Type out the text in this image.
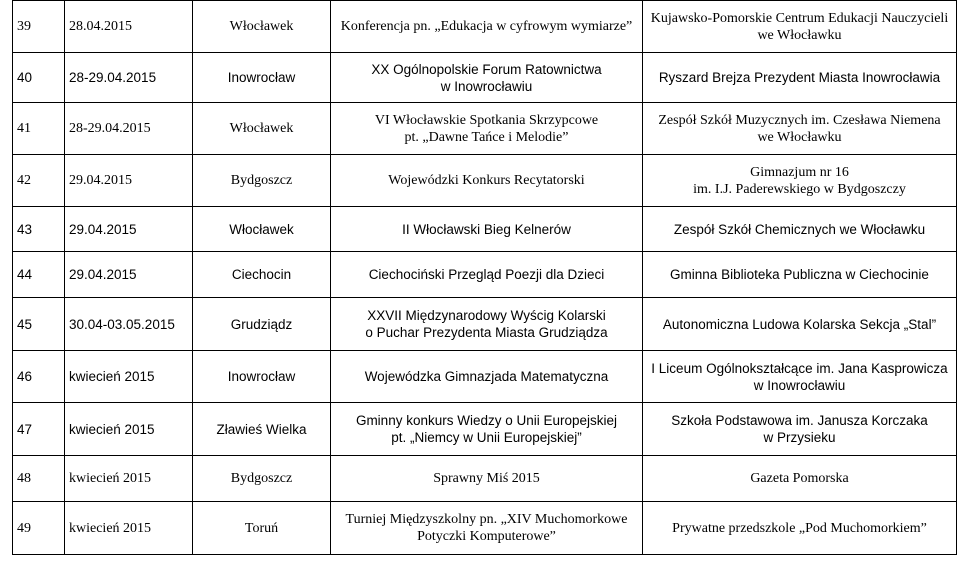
39	28.04.2015	Włocławek	Konferencja pn. „Edukacja w cyfrowym wymiarze”	Kujawsko-Pomorskie Centrum Edukacji Nauczycieli
we Włocławku

40	28-29.04.2015	Inowrocław	XX Ogólnopolskie Forum Ratownictwa
w Inowrocławiu	Ryszard Brejza Prezydent Miasta Inowrocławia

41	28-29.04.2015	Włocławek	VI Włocławskie Spotkania Skrzypcowe
pt. „Dawne Tańce i Melodie”	Zespół Szkół Muzycznych im. Czesława Niemena
we Włocławku

42	29.04.2015	Bydgoszcz	Wojewódzki Konkurs Recytatorski	Gimnazjum nr 16
im. I.J. Paderewskiego w Bydgoszczy

43	29.04.2015	Włocławek	II Włocławski Bieg Kelnerów	Zespół Szkół Chemicznych we Włocławku

44	29.04.2015	Ciechocin	Ciechociński Przegląd Poezji dla Dzieci	Gminna Biblioteka Publiczna w Ciechocinie

45	30.04-03.05.2015	Grudziądz	XXVII Międzynarodowy Wyścig Kolarski
o Puchar Prezydenta Miasta Grudziądza	Autonomiczna Ludowa Kolarska Sekcja „Stal”

46	kwiecień 2015	Inowrocław	Wojewódzka Gimnazjada Matematyczna	I Liceum Ogólnokształcące im. Jana Kasprowicza
w Inowrocławiu

47	kwiecień 2015	Zławieś Wielka	Gminny konkurs Wiedzy o Unii Europejskiej
pt. „Niemcy w Unii Europejskiej”	Szkoła Podstawowa im. Janusza Korczaka
w Przysieku

48	kwiecień 2015	Bydgoszcz	Sprawny Miś 2015	Gazeta Pomorska

49	kwiecień 2015	Toruń	Turniej Międzyszkolny pn. „XIV Muchomorkowe
Potyczki Komputerowe”	Prywatne przedszkole „Pod Muchomorkiem”
